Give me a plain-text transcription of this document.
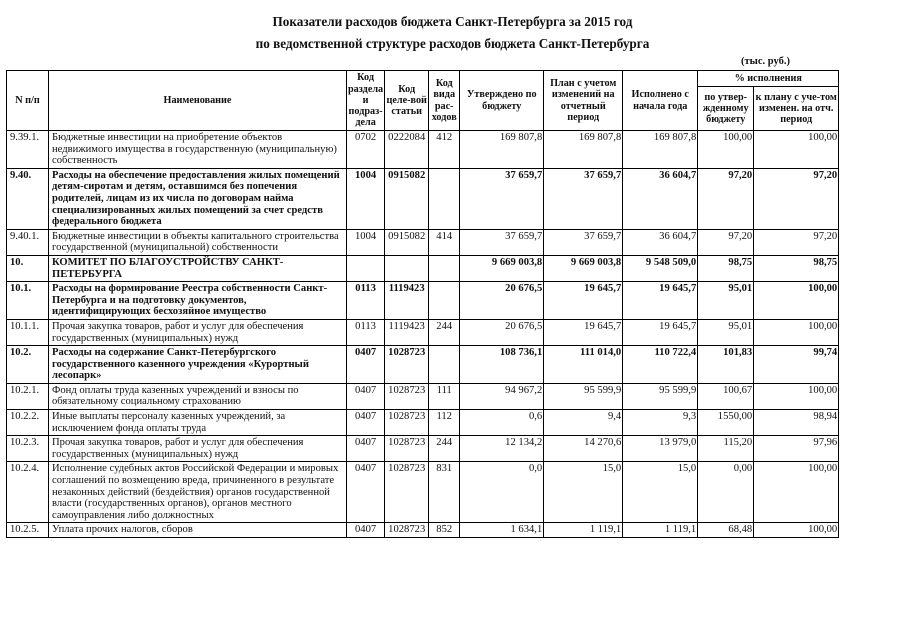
Показатели расходов бюджета Санкт-Петербурга за 2015 год
по ведомственной структуре расходов бюджета Санкт-Петербурга
(тыс. руб.)
N п/п	Наименование	Код раздела и подраз-дела	Код целе-вой статьи	Код вида рас-ходов	Утверждено по бюджету	План с учетом изменений на отчетный период	Исполнено с начала года	% исполнения	
								по утвер-жденному бюджету	к плану с уче-том изменен. на отч. период
9.39.1.	Бюджетные инвестиции на приобретение объектов недвижимого имущества в государственную (муниципальную) собственность	0702	0222084	412	169 807,8	169 807,8	169 807,8	100,00	100,00
9.40.	Расходы на обеспечение предоставления жилых помещений детям-сиротам и детям, оставшимся без попечения родителей, лицам из их числа по договорам найма специализированных жилых помещений за счет средств федерального бюджета	1004	0915082		37 659,7	37 659,7	36 604,7	97,20	97,20
9.40.1.	Бюджетные инвестиции в объекты капитального строительства государственной (муниципальной) собственности	1004	0915082	414	37 659,7	37 659,7	36 604,7	97,20	97,20
10.	КОМИТЕТ ПО БЛАГОУСТРОЙСТВУ САНКТ-ПЕТЕРБУРГА				9 669 003,8	9 669 003,8	9 548 509,0	98,75	98,75
10.1.	Расходы на формирование Реестра собственности Санкт-Петербурга и на подготовку документов, идентифицирующих бесхозяйное имущество	0113	1119423		20 676,5	19 645,7	19 645,7	95,01	100,00
10.1.1.	Прочая закупка товаров, работ и услуг для обеспечения государственных (муниципальных) нужд	0113	1119423	244	20 676,5	19 645,7	19 645,7	95,01	100,00
10.2.	Расходы на содержание Санкт-Петербургского государственного казенного учреждения «Курортный лесопарк»	0407	1028723		108 736,1	111 014,0	110 722,4	101,83	99,74
10.2.1.	Фонд оплаты труда казенных учреждений и взносы по обязательному социальному страхованию	0407	1028723	111	94 967,2	95 599,9	95 599,9	100,67	100,00
10.2.2.	Иные выплаты персоналу казенных учреждений, за исключением фонда оплаты труда	0407	1028723	112	0,6	9,4	9,3	1550,00	98,94
10.2.3.	Прочая закупка товаров, работ и услуг для обеспечения государственных (муниципальных) нужд	0407	1028723	244	12 134,2	14 270,6	13 979,0	115,20	97,96
10.2.4.	Исполнение судебных актов Российской Федерации и мировых соглашений по возмещению вреда, причиненного в результате незаконных действий (бездействия) органов государственной власти (государственных органов), органов местного самоуправления либо должностных	0407	1028723	831	0,0	15,0	15,0	0,00	100,00
10.2.5.	Уплата прочих налогов, сборов	0407	1028723	852	1 634,1	1 119,1	1 119,1	68,48	100,00
